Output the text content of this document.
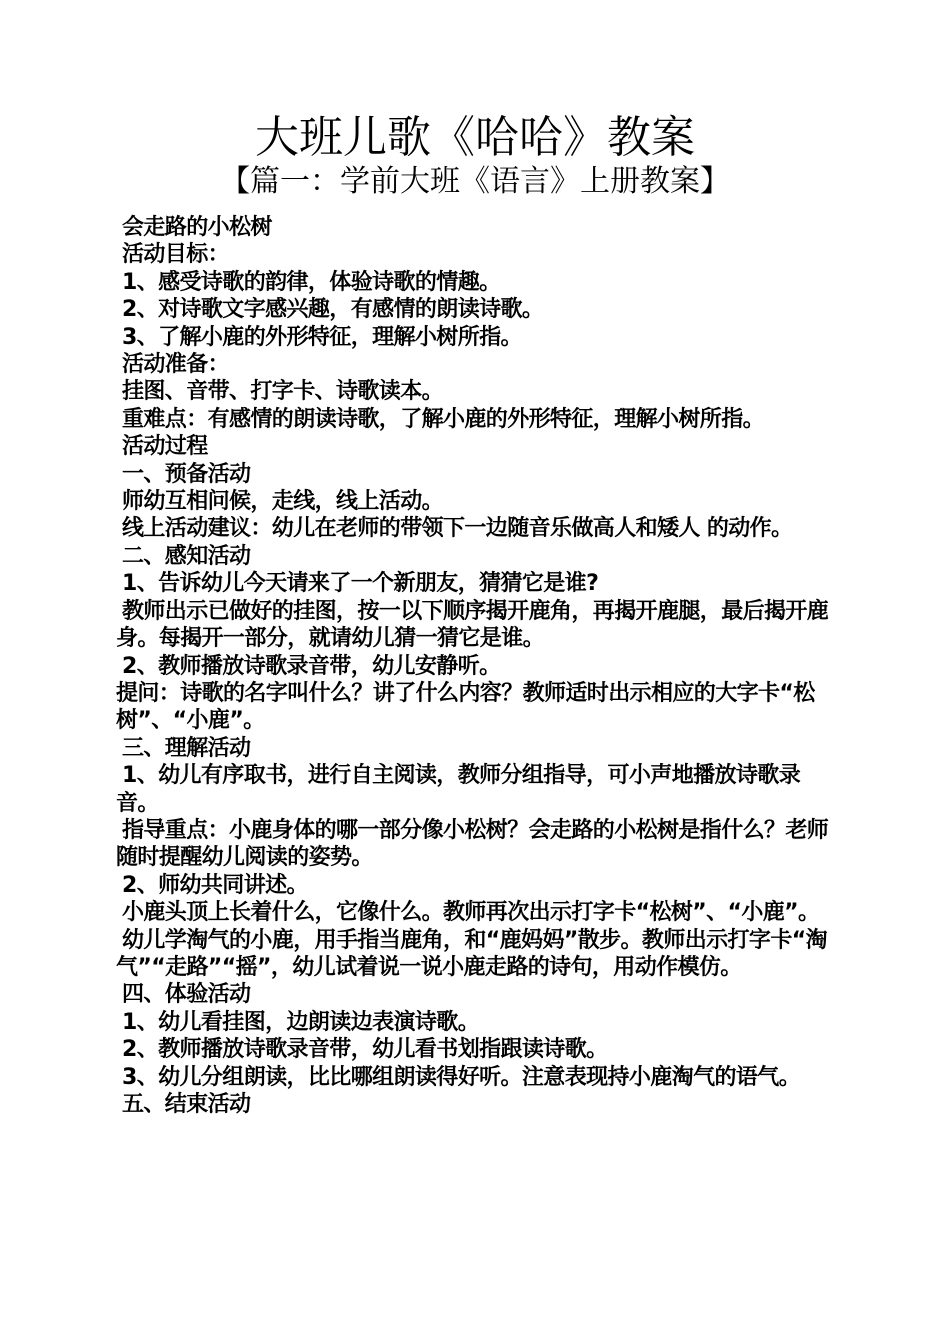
大班儿歌《哈哈》教案
【篇一：学前大班《语言》上册教案】

会走路的小松树

活动目标：

1、感受诗歌的韵律，体验诗歌的情趣。

2、对诗歌文字感兴趣，有感情的朗读诗歌。

3、了解小鹿的外形特征，理解小树所指。

活动准备：

挂图、音带、打字卡、诗歌读本。

重难点：有感情的朗读诗歌，了解小鹿的外形特征，理解小树所指。

活动过程

一、预备活动

师幼互相问候，走线，线上活动。

线上活动建议：幼儿在老师的带领下一边随音乐做高人和矮人 的动作。

二、感知活动

1、告诉幼儿今天请来了一个新朋友，猜猜它是谁?

教师出示已做好的挂图，按一以下顺序揭开鹿角，再揭开鹿腿，最后揭开鹿身。每揭开一部分，就请幼儿猜一猜它是谁。

2、教师播放诗歌录音带，幼儿安静听。

提问：诗歌的名字叫什么？讲了什么内容？教师适时出示相应的大字卡“松树”、“小鹿”。

三、理解活动

1、幼儿有序取书，进行自主阅读，教师分组指导，可小声地播放诗歌录音。

指导重点：小鹿身体的哪一部分像小松树？会走路的小松树是指什么？老师随时提醒幼儿阅读的姿势。

2、师幼共同讲述。

小鹿头顶上长着什么，它像什么。教师再次出示打字卡“松树”、“小鹿”。

幼儿学淘气的小鹿，用手指当鹿角，和“鹿妈妈”散步。教师出示打字卡“淘气”“走路”“摇”，幼儿试着说一说小鹿走路的诗句，用动作模仿。

四、体验活动

1、幼儿看挂图，边朗读边表演诗歌。

2、教师播放诗歌录音带，幼儿看书划指跟读诗歌。

3、幼儿分组朗读，比比哪组朗读得好听。注意表现持小鹿淘气的语气。

五、结束活动
